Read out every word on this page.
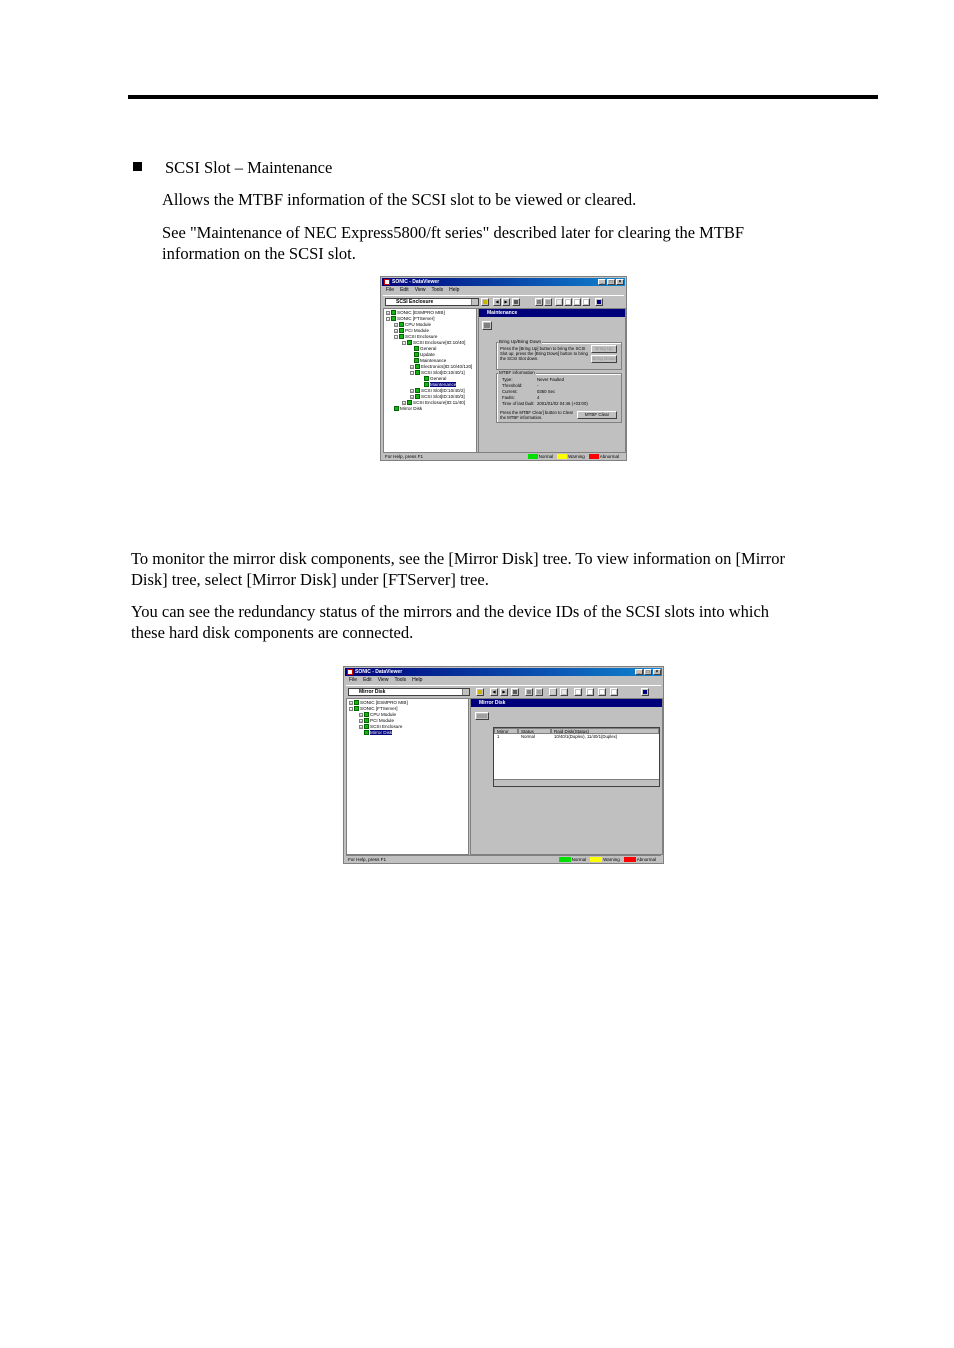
SCSI Slot – Maintenance

Allows the MTBF information of the SCSI slot to be viewed or cleared.

See "Maintenance of NEC Express5800/ft series" described later for clearing the MTBF

information on the SCSI slot.

SONIC - DataViewer	_	□	×
File Edit View Tools Help
SCSI Enclosure
+ SONIC [ESMPRO MIB]
- SONIC [FTServer]
+ CPU Module
+ PCI Module
- SCSI Enclosure
- SCSI Enclosure[ID:10/40]
General
Update
Maintenance
+ Electronics[ID:10/40/120]
- SCSI Slot[ID:10/40/1]
General
Maintenance
+ SCSI Slot[ID:10/40/2]
+ SCSI Slot[ID:10/40/3]
+ SCSI Enclosure[ID:11/40]
Mirror Disk
Maintenance
Bring Up/Bring Down
Press the [Bring Up] button to bring the SCSI
Slot up, press the [Bring Down] button to bring
the SCSI Slot down.
Bring Up
Bring Down
MTBF information
Type:	Never Faulted
Threshold:	-
Current:	0360 Sec
Faults:	4
Time of last fault: 2001/01/02 04:46 (+03:00)
Press the MTBF Clear] button to Clear
the MTBF information.
MTBF Clear
For Help, press F1	Normal	Warning	Abnormal

To monitor the mirror disk components, see the [Mirror Disk] tree. To view information on [Mirror

Disk] tree, select [Mirror Disk] under [FTServer] tree.

You can see the redundancy status of the mirrors and the device IDs of the SCSI slots into which

these hard disk components are connected.

SONIC - DataViewer	_	□	×
File Edit View Tools Help
Mirror Disk
+ SONIC [ESMPRO MIB]
- SONIC [FTServer]
+ CPU Module
+ PCI Module
+ SCSI Enclosure
Mirror Disk
Mirror Disk
Mirror	Status	Raid Disk(Status)
1	Normal	10/40/1(Duplex), 11/40/1(Duplex)
For Help, press F1	Normal	Warning	Abnormal
